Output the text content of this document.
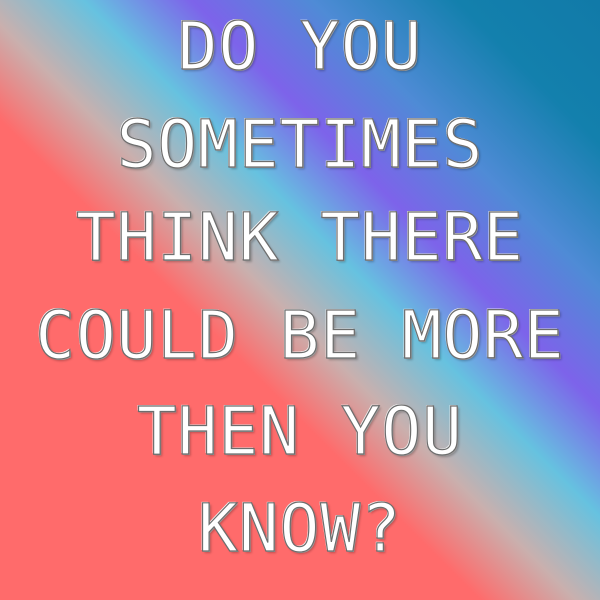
DO YOU
SOMETIMES
THINK THERE
COULD BE MORE
THEN YOU
KNOW?
